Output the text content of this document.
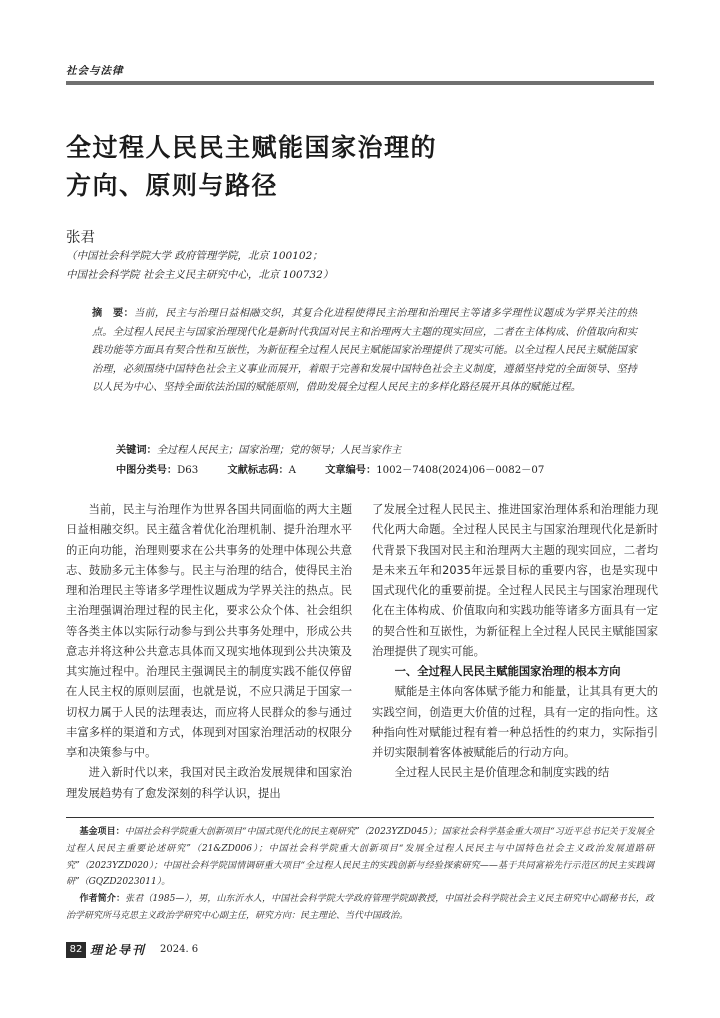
社会与法律
全过程人民民主赋能国家治理的
方向、原则与路径
张君
（中国社会科学院大学 政府管理学院，北京 100102；
中国社会科学院 社会主义民主研究中心，北京 100732）
摘　要：当前，民主与治理日益相融交织，其复合化进程使得民主治理和治理民主等诸多学理性议题成为学界关注的热点。全过程人民民主与国家治理现代化是新时代我国对民主和治理两大主题的现实回应，二者在主体构成、价值取向和实践功能等方面具有契合性和互嵌性，为新征程全过程人民民主赋能国家治理提供了现实可能。以全过程人民民主赋能国家治理，必须围绕中国特色社会主义事业而展开，着眼于完善和发展中国特色社会主义制度，遵循坚持党的全面领导、坚持以人民为中心、坚持全面依法治国的赋能原则，借助发展全过程人民民主的多样化路径展开具体的赋能过程。
关键词：全过程人民民主；国家治理；党的领导；人民当家作主
中图分类号：D63	文献标志码：A	文章编号：1002－7408(2024)06－0082－07

当前，民主与治理作为世界各国共同面临的两大主题日益相融交织。民主蕴含着优化治理机制、提升治理水平的正向功能，治理则要求在公共事务的处理中体现公共意志、鼓励多元主体参与。民主与治理的结合，使得民主治理和治理民主等诸多学理性议题成为学界关注的热点。民主治理强调治理过程的民主化，要求公众个体、社会组织等各类主体以实际行动参与到公共事务处理中，形成公共意志并将这种公共意志具体而又现实地体现到公共决策及其实施过程中。治理民主强调民主的制度实践不能仅停留在人民主权的原则层面，也就是说，不应只满足于国家一切权力属于人民的法理表达，而应将人民群众的参与通过丰富多样的渠道和方式，体现到对国家治理活动的权限分享和决策参与中。

进入新时代以来，我国对民主政治发展规律和国家治理发展趋势有了愈发深刻的科学认识，提出

了发展全过程人民民主、推进国家治理体系和治理能力现代化两大命题。全过程人民民主与国家治理现代化是新时代背景下我国对民主和治理两大主题的现实回应，二者均是未来五年和2035年远景目标的重要内容，也是实现中国式现代化的重要前提。全过程人民民主与国家治理现代化在主体构成、价值取向和实践功能等诸多方面具有一定的契合性和互嵌性，为新征程上全过程人民民主赋能国家治理提供了现实可能。

一、全过程人民民主赋能国家治理的根本方向

赋能是主体向客体赋予能力和能量，让其具有更大的实践空间，创造更大价值的过程，具有一定的指向性。这种指向性对赋能过程有着一种总括性的约束力，实际指引并切实限制着客体被赋能后的行动方向。

全过程人民民主是价值理念和制度实践的结

基金项目：中国社会科学院重大创新项目“中国式现代化的民主观研究”（2023YZD045）；国家社会科学基金重大项目“习近平总书记关于发展全过程人民民主重要论述研究”（21&ZD006）；中国社会科学院重大创新项目“发展全过程人民民主与中国特色社会主义政治发展道路研究”（2023YZD020）；中国社会科学院国情调研重大项目“全过程人民民主的实践创新与经验探索研究——基于共同富裕先行示范区的民主实践调研”（GQZD2023011）。

作者简介：张君（1985—），男，山东沂水人，中国社会科学院大学政府管理学院副教授，中国社会科学院社会主义民主研究中心副秘书长，政治学研究所马克思主义政治学研究中心副主任，研究方向：民主理论、当代中国政治。

82 理论导刊 2024. 6
